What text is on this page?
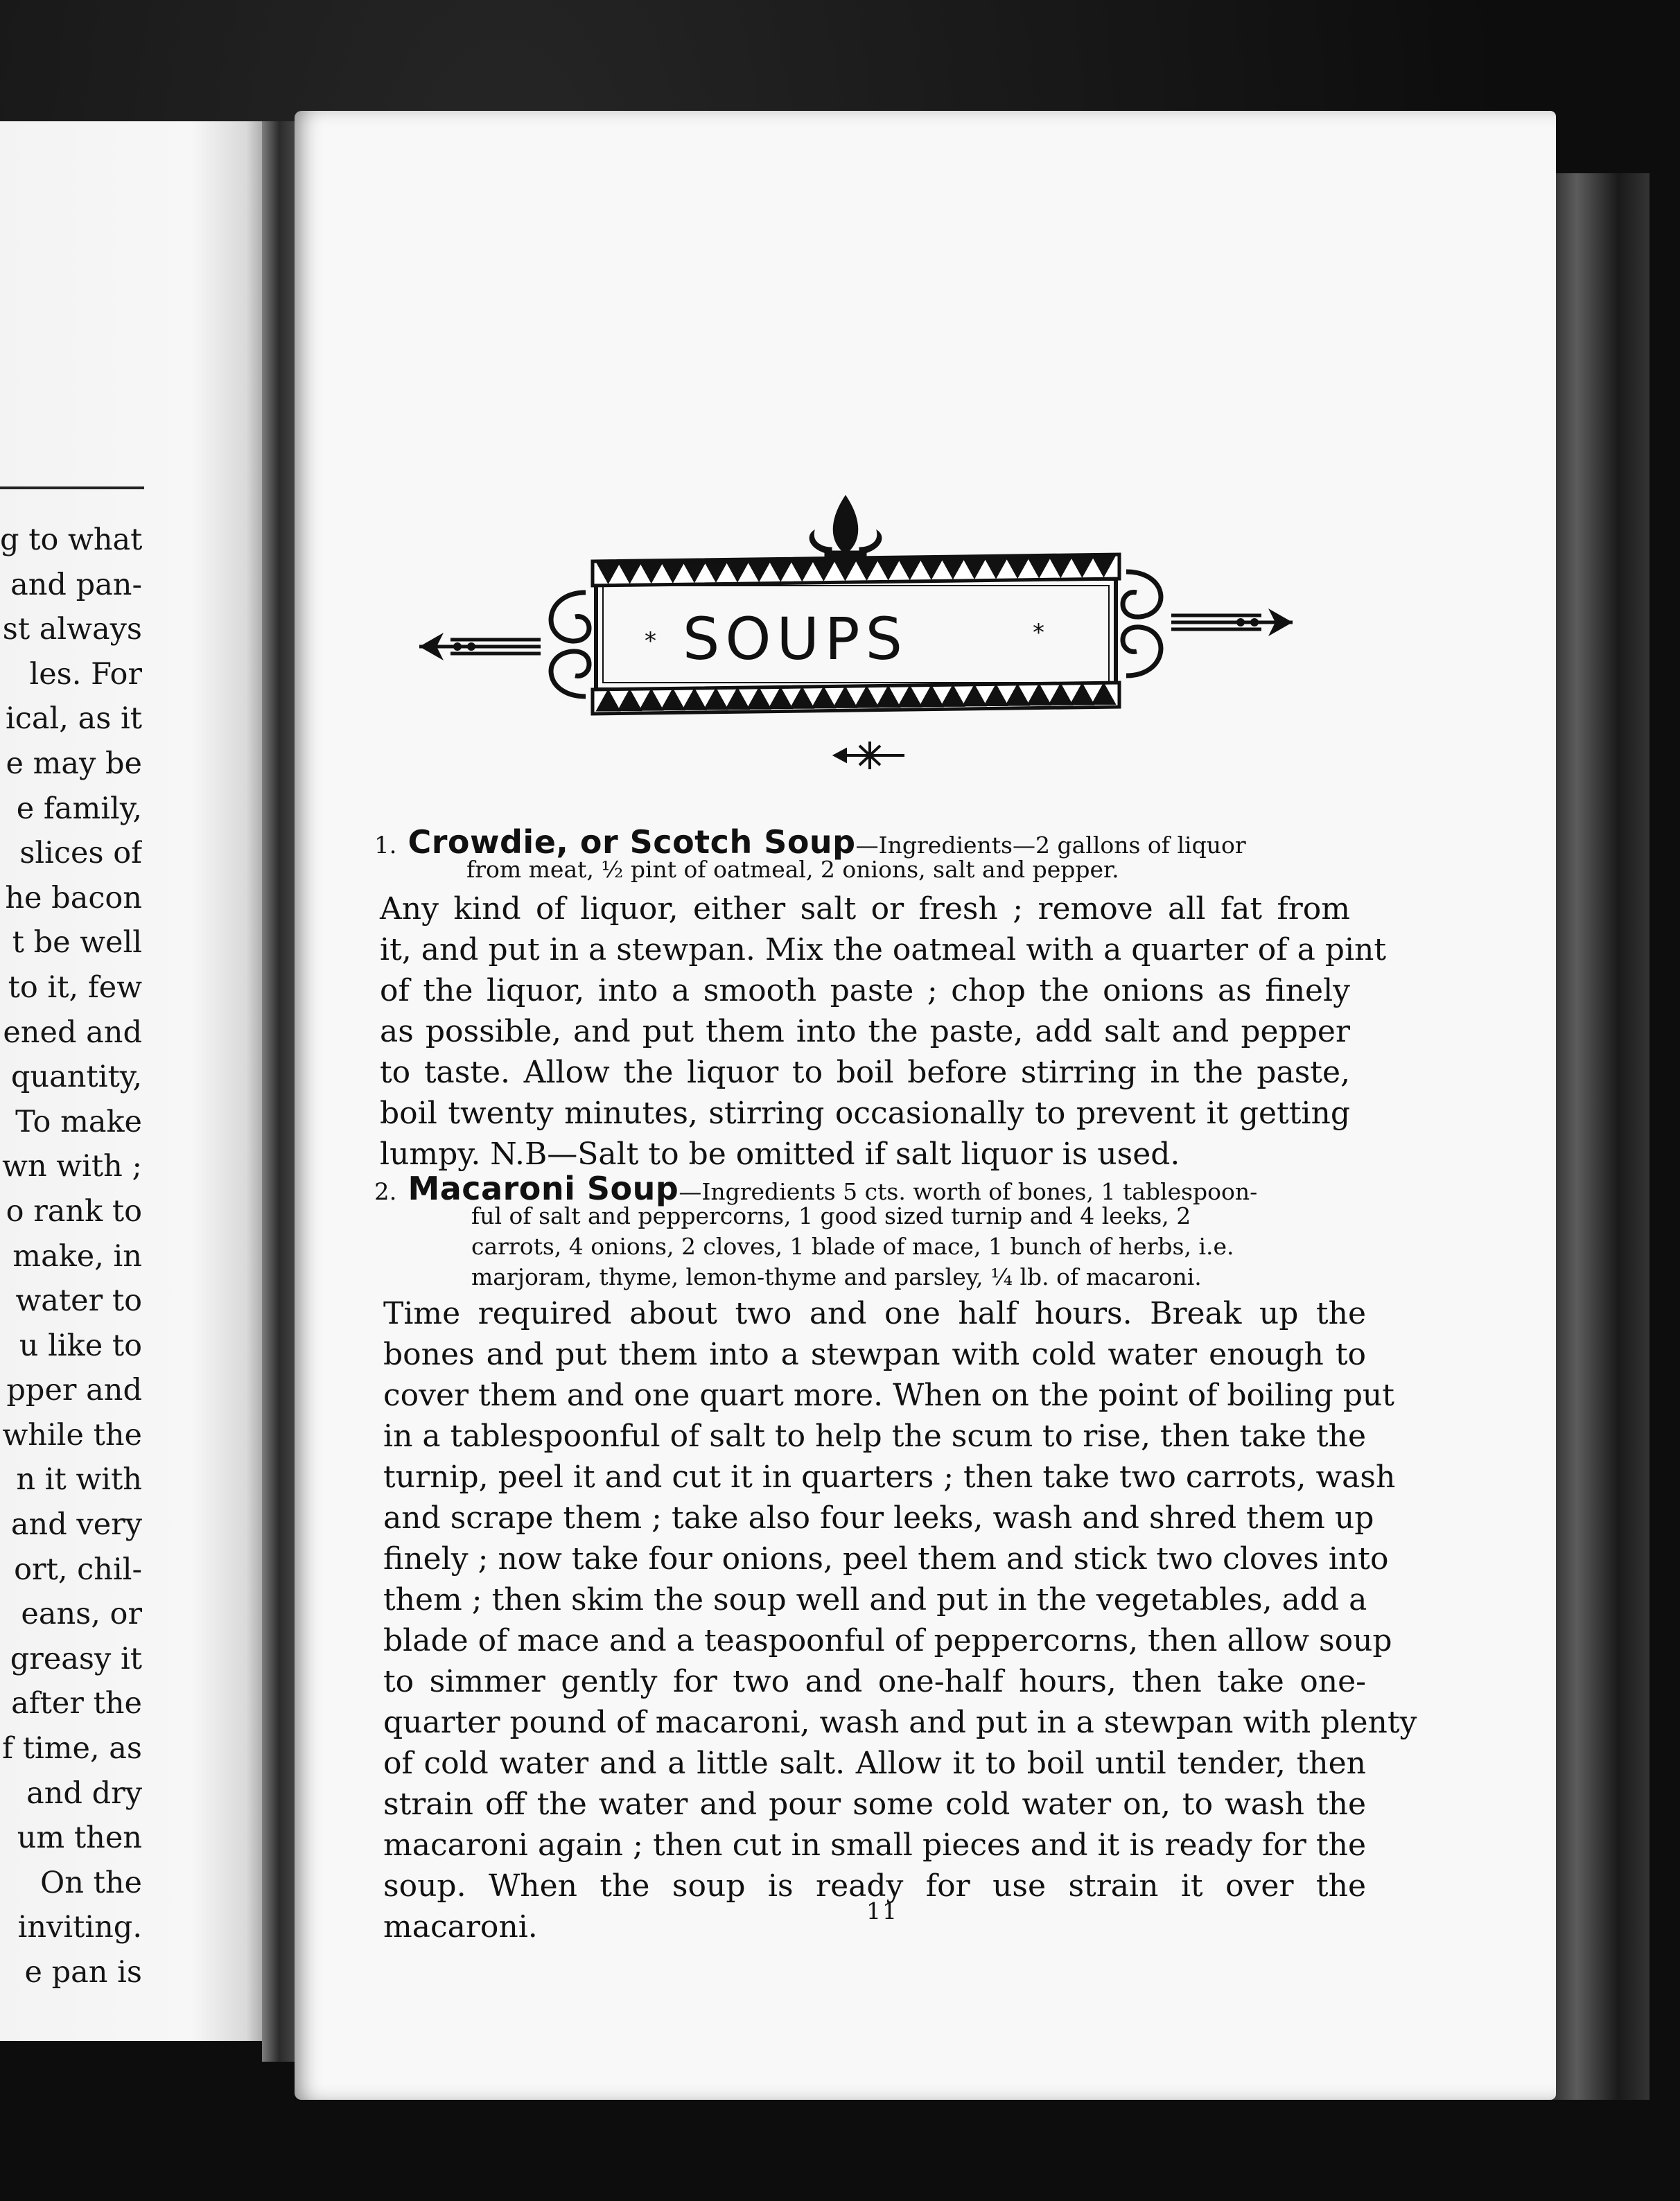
g to what
and pan-
st always
les. For
ical, as it
e may be
e family,
slices of
he bacon
t be well
to it, few
ened and
quantity,
To make
wn with ;
o rank to
make, in
water to
u like to
pper and
while the
n it with
and very
ort, chil-
eans, or
greasy it
after the
f time, as
and dry
um then
On the
inviting.
e pan is
* SOUPS	*
1. Crowdie, or Scotch Soup—Ingredients—2 gallons of liquor
from meat, ½ pint of oatmeal, 2 onions, salt and pepper.
Any kind of liquor, either salt or fresh ; remove all fat from
it, and put in a stewpan. Mix the oatmeal with a quarter of a pint
of the liquor, into a smooth paste ; chop the onions as finely
as possible, and put them into the paste, add salt and pepper
to taste. Allow the liquor to boil before stirring in the paste,
boil twenty minutes, stirring occasionally to prevent it getting
lumpy. N.B—Salt to be omitted if salt liquor is used.
2. Macaroni Soup—Ingredients 5 cts. worth of bones, 1 tablespoon-
ful of salt and peppercorns, 1 good sized turnip and 4 leeks, 2
carrots, 4 onions, 2 cloves, 1 blade of mace, 1 bunch of herbs, i.e.
marjoram, thyme, lemon-thyme and parsley, ¼ lb. of macaroni.
Time required about two and one half hours. Break up the
bones and put them into a stewpan with cold water enough to
cover them and one quart more. When on the point of boiling put
in a tablespoonful of salt to help the scum to rise, then take the
turnip, peel it and cut it in quarters ; then take two carrots, wash
and scrape them ; take also four leeks, wash and shred them up
finely ; now take four onions, peel them and stick two cloves into
them ; then skim the soup well and put in the vegetables, add a
blade of mace and a teaspoonful of peppercorns, then allow soup
to simmer gently for two and one-half hours, then take one-
quarter pound of macaroni, wash and put in a stewpan with plenty
of cold water and a little salt. Allow it to boil until tender, then
strain off the water and pour some cold water on, to wash the
macaroni again ; then cut in small pieces and it is ready for the
soup. When the soup is ready for use strain it over the
macaroni.	11
